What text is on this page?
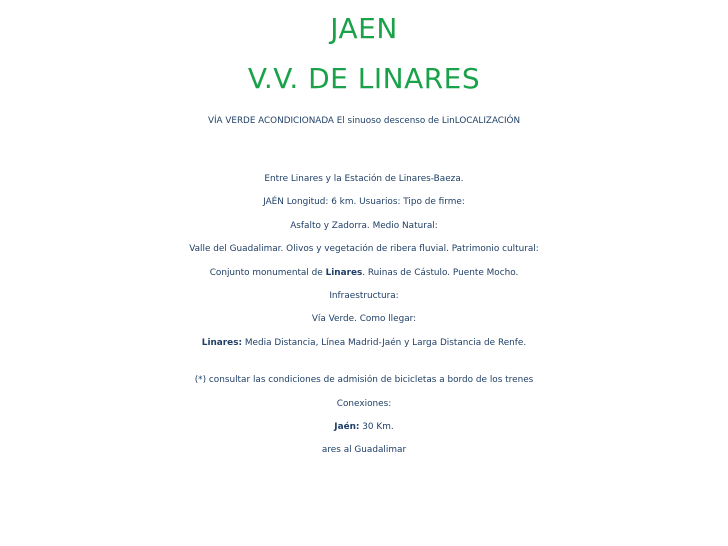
JAEN
V.V. DE LINARES
VÍA VERDE ACONDICIONADA El sinuoso descenso de LinLOCALIZACIÓN
Entre Linares y la Estación de Linares-Baeza.
JAÉN Longitud: 6 km. Usuarios: Tipo de firme:
Asfalto y Zadorra. Medio Natural:
Valle del Guadalimar. Olivos y vegetación de ribera fluvial. Patrimonio cultural:
Conjunto monumental de Linares. Ruinas de Cástulo. Puente Mocho.
Infraestructura:
Vía Verde. Como llegar:
Linares: Media Distancia, Línea Madrid-Jaén y Larga Distancia de Renfe.
(*) consultar las condiciones de admisión de bicicletas a bordo de los trenes
Conexiones:
Jaén: 30 Km.
ares al Guadalimar
